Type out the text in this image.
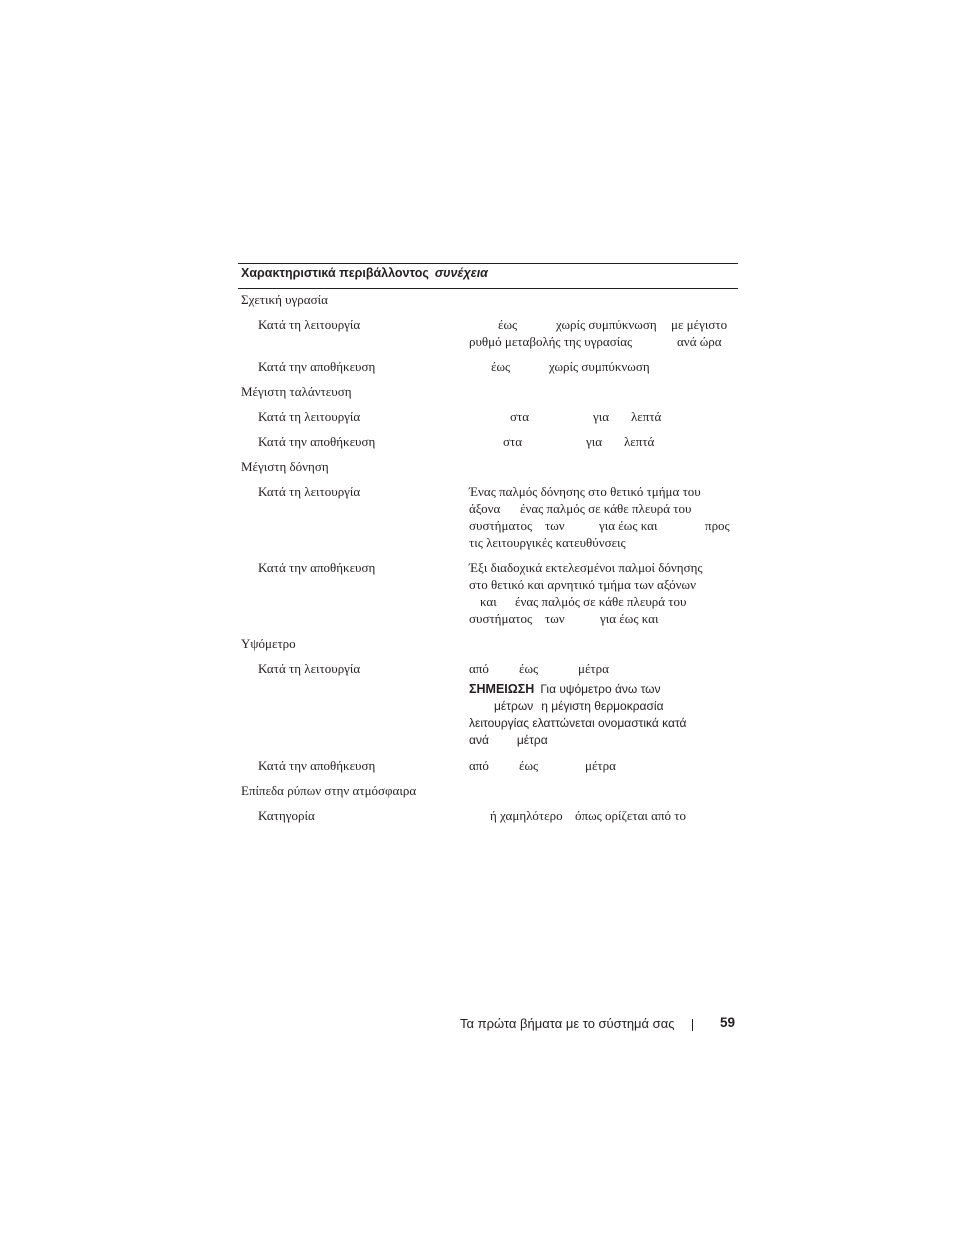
Χαρακτηριστικά περιβάλλοντος συνέχεια
Σχετική υγρασία
Κατά τη λειτουργία	έως	χωρίς συμπύκνωση με μέγιστο
ρυθμό μεταβολής της υγρασίας	ανά ώρα
Κατά την αποθήκευση	έως	χωρίς συμπύκνωση
Μέγιστη ταλάντευση
Κατά τη λειτουργία	στα	για λεπτά
Κατά την αποθήκευση	στα	για λεπτά
Μέγιστη δόνηση
Κατά τη λειτουργία	Ένας παλμός δόνησης στο θετικό τμήμα του
άξονα ένας παλμός σε κάθε πλευρά του
συστήματος των	για έως και	προς
τις λειτουργικές κατευθύνσεις
Κατά την αποθήκευση	Έξι διαδοχικά εκτελεσμένοι παλμοί δόνησης
στο θετικό και αρνητικό τμήμα των αξόνων
και ένας παλμός σε κάθε πλευρά του
συστήματος των	για έως και
Υψόμετρο
Κατά τη λειτουργία	από έως	μέτρα
ΣΗΜΕΙΩΣΗ Για υψόμετρο άνω των
μέτρων η μέγιστη θερμοκρασία
λειτουργίας ελαττώνεται ονομαστικά κατά
ανά μέτρα
Κατά την αποθήκευση	από έως	μέτρα
Επίπεδα ρύπων στην ατμόσφαιρα
Κατηγορία	ή χαμηλότερο όπως ορίζεται από το
Τα πρώτα βήματα με το σύστημά σας	59
